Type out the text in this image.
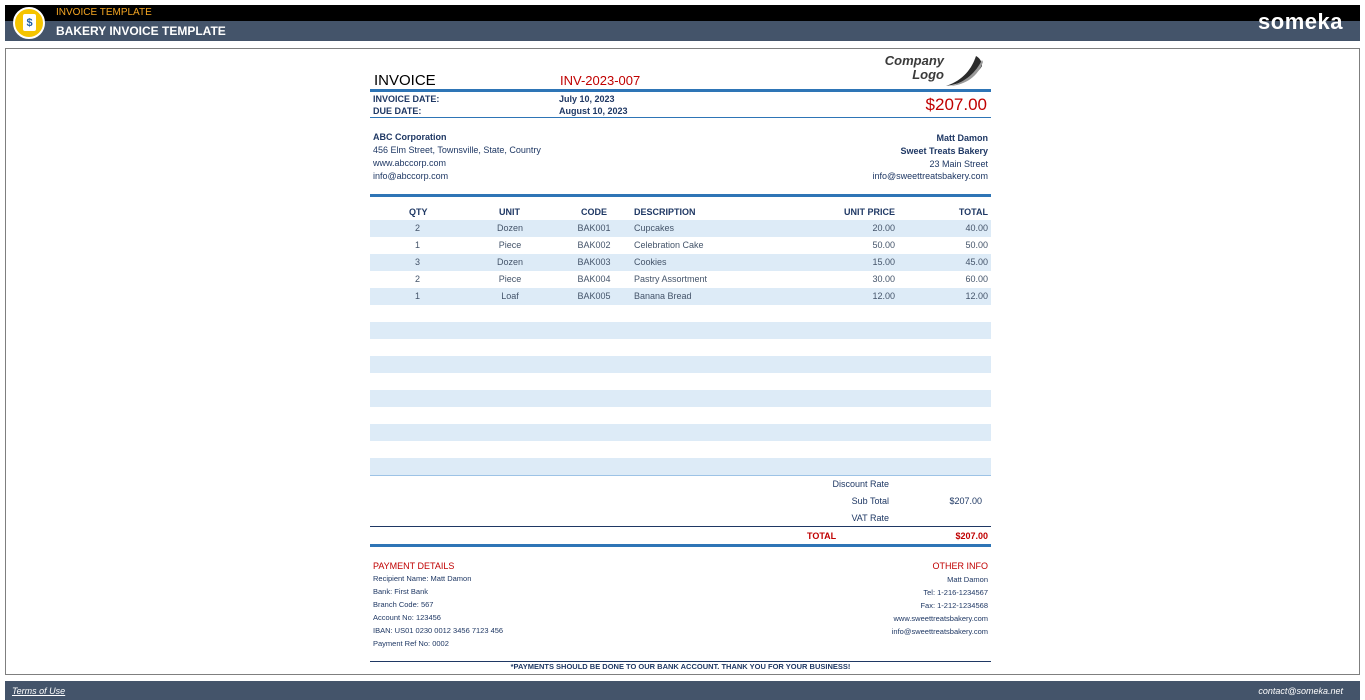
$
INVOICE TEMPLATE
BAKERY INVOICE TEMPLATE	someka
INVOICE	INV-2023-007
Company
Logo
INVOICE DATE:	July 10, 2023
DUE DATE:	August 10, 2023	$207.00
ABC Corporation
456 Elm Street, Townsville, State, Country
www.abccorp.com
info@abccorp.com
Matt Damon
Sweet Treats Bakery
23 Main Street
info@sweettreatsbakery.com
QTY	UNIT	CODE	DESCRIPTION	UNIT PRICE	TOTAL
2	Dozen	BAK001	Cupcakes	20.00	40.00
1	Piece	BAK002	Celebration Cake	50.00	50.00
3	Dozen	BAK003	Cookies	15.00	45.00
2	Piece	BAK004	Pastry Assortment	30.00	60.00
1	Loaf	BAK005	Banana Bread	12.00	12.00
Discount Rate
Sub Total	$207.00
VAT Rate
TOTAL	$207.00
PAYMENT DETAILS
Recipient Name: Matt Damon
Bank: First Bank
Branch Code: 567
Account No: 123456
IBAN: US01 0230 0012 3456 7123 456
Payment Ref No: 0002
OTHER INFO
Matt Damon
Tel: 1-216-1234567
Fax: 1-212-1234568
www.sweettreatsbakery.com
info@sweettreatsbakery.com
*PAYMENTS SHOULD BE DONE TO OUR BANK ACCOUNT. THANK YOU FOR YOUR BUSINESS!
Terms of Use	contact@someka.net
